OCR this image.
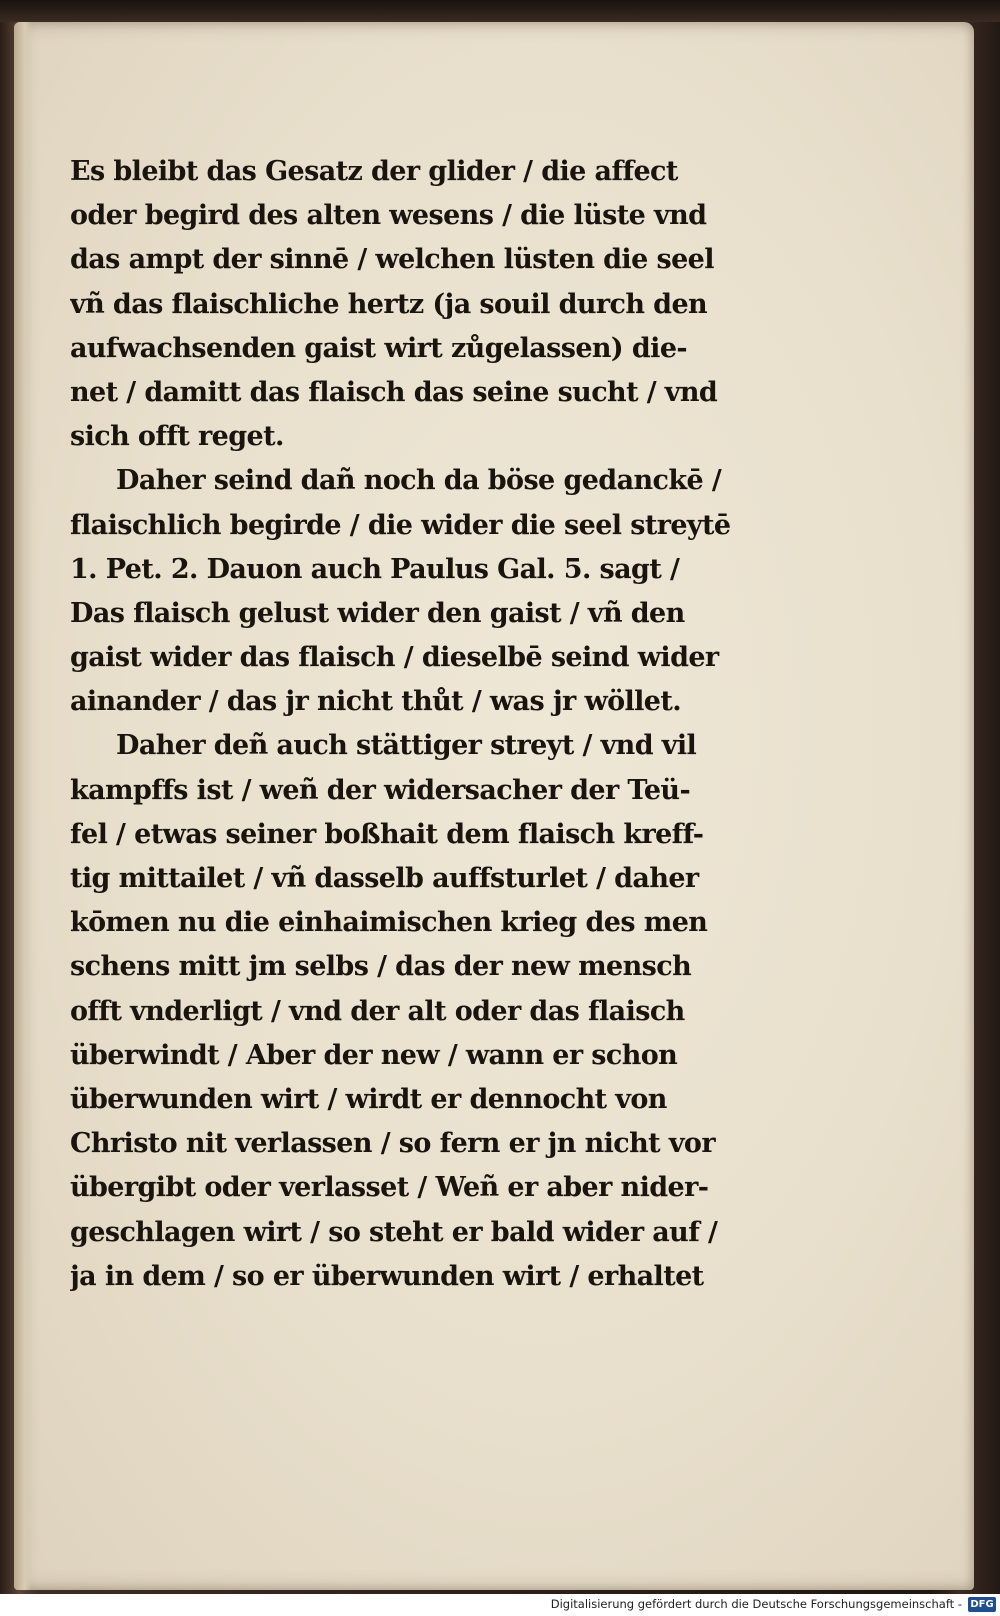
Es bleibt das Gesatz der glider / die affect
oder begird des alten wesens / die lüste vnd
das ampt der sinnē / welchen lüsten die seel
vñ das flaischliche hertz (ja souil durch den
aufwachsenden gaist wirt zůgelassen) die-
net / damitt das flaisch das seine sucht / vnd
sich offt reget.
Daher seind dañ noch da böse gedanckē /
flaischlich begirde / die wider die seel streytē
1. Pet. 2. Dauon auch Paulus Gal. 5. sagt /
Das flaisch gelust wider den gaist / vñ den
gaist wider das flaisch / dieselbē seind wider
ainander / das jr nicht thůt / was jr wöllet.
Daher deñ auch stättiger streyt / vnd vil
kampffs ist / weñ der widersacher der Teü-
fel / etwas seiner boßhait dem flaisch kreff-
tig mittailet / vñ dasselb auffsturlet / daher
kōmen nu die einhaimischen krieg des men
schens mitt jm selbs / das der new mensch
offt vnderligt / vnd der alt oder das flaisch
überwindt / Aber der new / wann er schon
überwunden wirt / wirdt er dennocht von
Christo nit verlassen / so fern er jn nicht vor
übergibt oder verlasset / Weñ er aber nider-
geschlagen wirt / so steht er bald wider auf /
ja in dem / so er überwunden wirt / erhaltet
Digitalisierung gefördert durch die Deutsche Forschungsgemeinschaft - DFG
